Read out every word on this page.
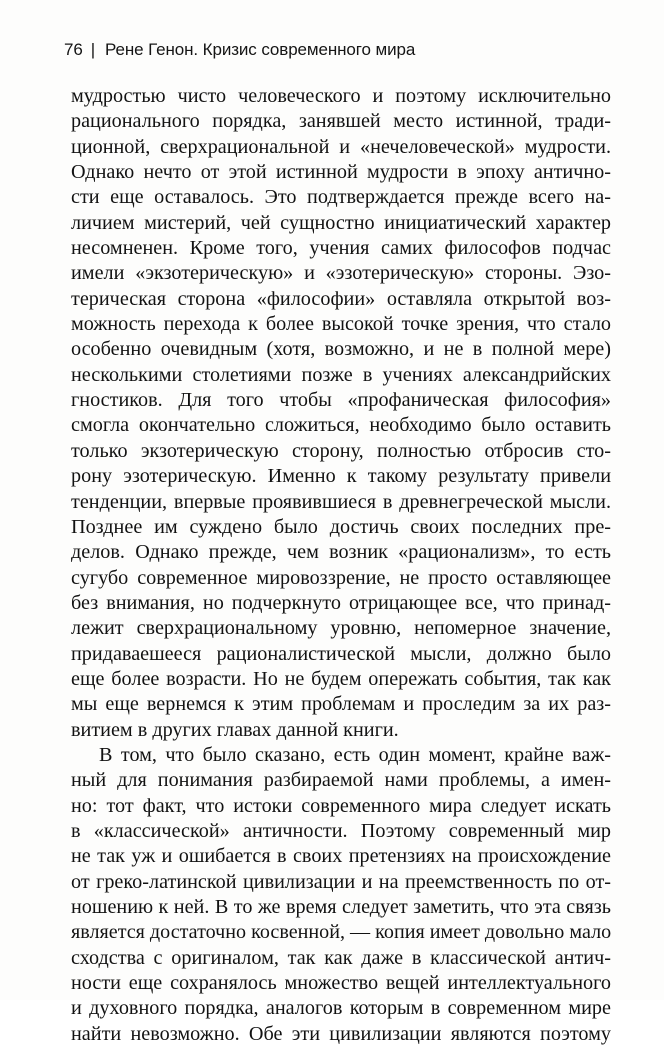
76 | Рене Генон. Кризис современного мира
мудростью чисто человеческого и поэтому исключительно
рационального порядка, занявшей место истинной, тради-
ционной, сверхрациональной и «нечеловеческой» мудрости.
Однако нечто от этой истинной мудрости в эпоху антично-
сти еще оставалось. Это подтверждается прежде всего на-
личием мистерий, чей сущностно инициатический характер
несомненен. Кроме того, учения самих философов подчас
имели «экзотерическую» и «эзотерическую» стороны. Эзо-
терическая сторона «философии» оставляла открытой воз-
можность перехода к более высокой точке зрения, что стало
особенно очевидным (хотя, возможно, и не в полной мере)
несколькими столетиями позже в учениях александрийских
гностиков. Для того чтобы «профаническая философия»
смогла окончательно сложиться, необходимо было оставить
только экзотерическую сторону, полностью отбросив сто-
рону эзотерическую. Именно к такому результату привели
тенденции, впервые проявившиеся в древнегреческой мысли.
Позднее им суждено было достичь своих последних пре-
делов. Однако прежде, чем возник «рационализм», то есть
сугубо современное мировоззрение, не просто оставляющее
без внимания, но подчеркнуто отрицающее все, что принад-
лежит сверхрациональному уровню, непомерное значение,
придаваешееся рационалистической мысли, должно было
еще более возрасти. Но не будем опережать события, так как
мы еще вернемся к этим проблемам и проследим за их раз-
витием в других главах данной книги.
В том, что было сказано, есть один момент, крайне важ-
ный для понимания разбираемой нами проблемы, а имен-
но: тот факт, что истоки современного мира следует искать
в «классической» античности. Поэтому современный мир
не так уж и ошибается в своих претензиях на происхождение
от греко-латинской цивилизации и на преемственность по от-
ношению к ней. В то же время следует заметить, что эта связь
является достаточно косвенной, — копия имеет довольно мало
сходства с оригиналом, так как даже в классической антич-
ности еще сохранялось множество вещей интеллектуального
и духовного порядка, аналогов которым в современном мире
найти невозможно. Обе эти цивилизации являются поэтому
